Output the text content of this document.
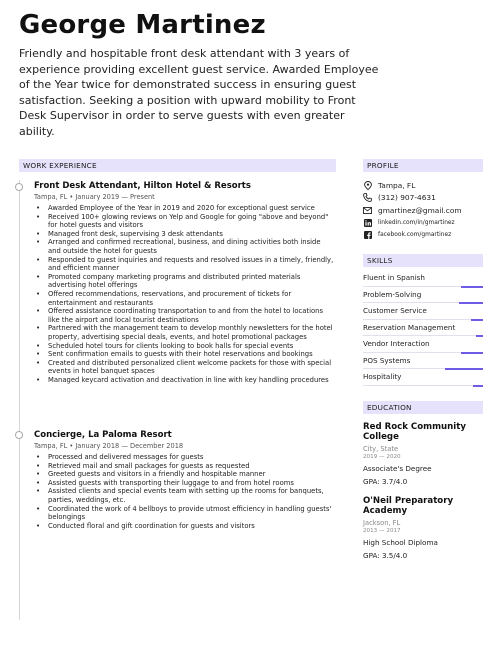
George Martinez
Friendly and hospitable front desk attendant with 3 years of experience providing excellent guest service. Awarded Employee of the Year twice for demonstrated success in ensuring guest satisfaction. Seeking a position with upward mobility to Front Desk Supervisor in order to serve guests with even greater ability.
WORK EXPERIENCE
Front Desk Attendant, Hilton Hotel & Resorts
Tampa, FL • January 2019 — Present
• Awarded Employee of the Year in 2019 and 2020 for exceptional guest service
• Received 100+ glowing reviews on Yelp and Google for going "above and beyond" for hotel guests and visitors
• Managed front desk, supervising 3 desk attendants
• Arranged and confirmed recreational, business, and dining activities both inside and outside the hotel for guests
• Responded to guest inquiries and requests and resolved issues in a timely, friendly, and efficient manner
• Promoted company marketing programs and distributed printed materials advertising hotel offerings
• Offered recommendations, reservations, and procurement of tickets for entertainment and restaurants
• Offered assistance coordinating transportation to and from the hotel to locations like the airport and local tourist destinations
• Partnered with the management team to develop monthly newsletters for the hotel property, advertising special deals, events, and hotel promotional packages
• Scheduled hotel tours for clients looking to book halls for special events
• Sent confirmation emails to guests with their hotel reservations and bookings
• Created and distributed personalized client welcome packets for those with special events in hotel banquet spaces
• Managed keycard activation and deactivation in line with key handling procedures
Concierge, La Paloma Resort
Tampa, FL • January 2018 — December 2018
• Processed and delivered messages for guests
• Retrieved mail and small packages for guests as requested
• Greeted guests and visitors in a friendly and hospitable manner
• Assisted guests with transporting their luggage to and from hotel rooms
• Assisted clients and special events team with setting up the rooms for banquets, parties, weddings, etc.
• Coordinated the work of 4 bellboys to provide utmost efficiency in handling guests' belongings
• Conducted floral and gift coordination for guests and visitors
PROFILE
Tampa, FL
(312) 907-4631
gmartinez@gmail.com
linkedin.com/in/gmartinez
facebook.com/gmartinez
SKILLS
Fluent in Spanish
Problem-Solving
Customer Service
Reservation Management
Vendor Interaction
POS Systems
Hospitality
EDUCATION
Red Rock Community College
City, State
2019 — 2020
Associate's Degree
GPA: 3.7/4.0
O'Neil Preparatory Academy
Jackson, FL
2013 — 2017
High School Diploma
GPA: 3.5/4.0
